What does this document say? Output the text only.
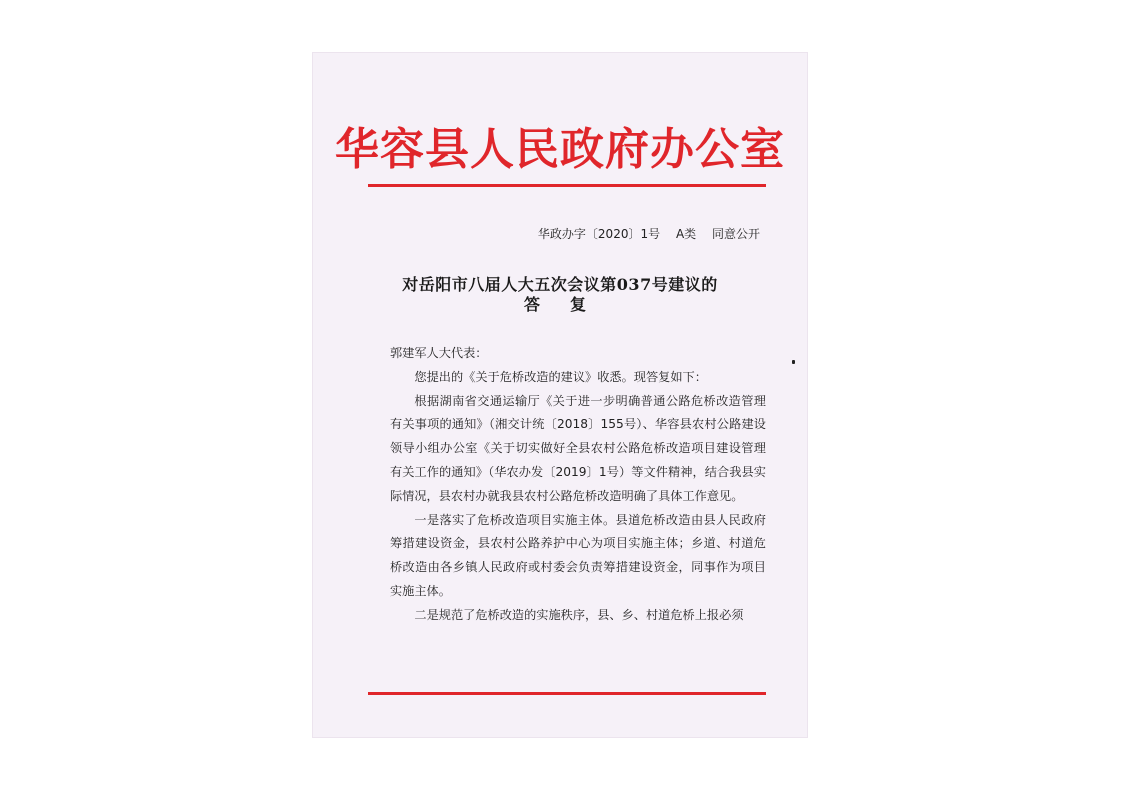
华容县人民政府办公室
华政办字〔2020〕1号 A类 同意公开
对岳阳市八届人大五次会议第037号建议的
答复

郭建军人大代表：

您提出的《关于危桥改造的建议》收悉。现答复如下：

根据湖南省交通运输厅《关于进一步明确普通公路危桥改造管理有关事项的通知》（湘交计统〔2018〕155号）、华容县农村公路建设领导小组办公室《关于切实做好全县农村公路危桥改造项目建设管理有关工作的通知》（华农办发〔2019〕1号）等文件精神，结合我县实际情况，县农村办就我县农村公路危桥改造明确了具体工作意见。

一是落实了危桥改造项目实施主体。县道危桥改造由县人民政府筹措建设资金，县农村公路养护中心为项目实施主体；乡道、村道危桥改造由各乡镇人民政府或村委会负责筹措建设资金，同事作为项目实施主体。

二是规范了危桥改造的实施秩序，县、乡、村道危桥上报必须
